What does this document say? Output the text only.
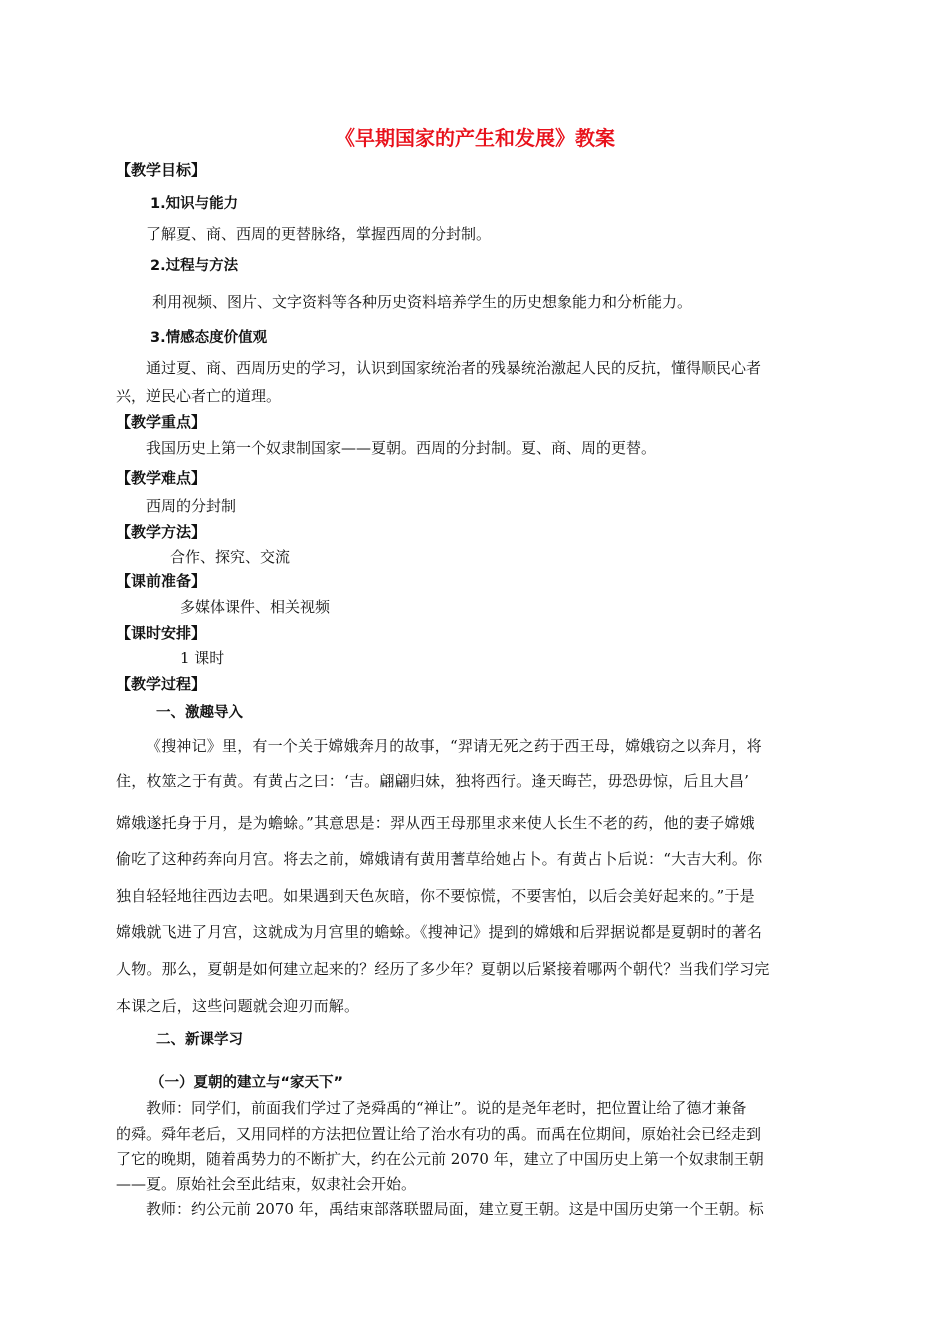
《早期国家的产生和发展》教案
【教学目标】
1.知识与能力
了解夏、商、西周的更替脉络，掌握西周的分封制。
2.过程与方法
利用视频、图片、文字资料等各种历史资料培养学生的历史想象能力和分析能力。
3.情感态度价值观
通过夏、商、西周历史的学习，认识到国家统治者的残暴统治激起人民的反抗，懂得顺民心者
兴，逆民心者亡的道理。
【教学重点】
我国历史上第一个奴隶制国家——夏朝。西周的分封制。夏、商、周的更替。
【教学难点】
西周的分封制
【教学方法】
合作、探究、交流
【课前准备】
多媒体课件、相关视频
【课时安排】
1 课时
【教学过程】
一、激趣导入
《搜神记》里，有一个关于嫦娥奔月的故事，“羿请无死之药于西王母，嫦娥窃之以奔月，将
住，枚筮之于有黄。有黄占之曰：‘吉。翩翩归妹，独将西行。逢天晦芒，毋恐毋惊，后且大昌’
嫦娥遂托身于月，是为蟾蜍。”其意思是：羿从西王母那里求来使人长生不老的药，他的妻子嫦娥
偷吃了这种药奔向月宫。将去之前，嫦娥请有黄用蓍草给她占卜。有黄占卜后说：“大吉大利。你
独自轻轻地往西边去吧。如果遇到天色灰暗，你不要惊慌，不要害怕，以后会美好起来的。”于是
嫦娥就飞进了月宫，这就成为月宫里的蟾蜍。《搜神记》提到的嫦娥和后羿据说都是夏朝时的著名
人物。那么，夏朝是如何建立起来的？经历了多少年？夏朝以后紧接着哪两个朝代？当我们学习完
本课之后，这些问题就会迎刃而解。
二、新课学习
（一）夏朝的建立与“家天下”
教师：同学们，前面我们学过了尧舜禹的“禅让”。说的是尧年老时，把位置让给了德才兼备
的舜。舜年老后，又用同样的方法把位置让给了治水有功的禹。而禹在位期间，原始社会已经走到
了它的晚期，随着禹势力的不断扩大，约在公元前 2070 年，建立了中国历史上第一个奴隶制王朝
——夏。原始社会至此结束，奴隶社会开始。
教师：约公元前 2070 年，禹结束部落联盟局面，建立夏王朝。这是中国历史第一个王朝。标
